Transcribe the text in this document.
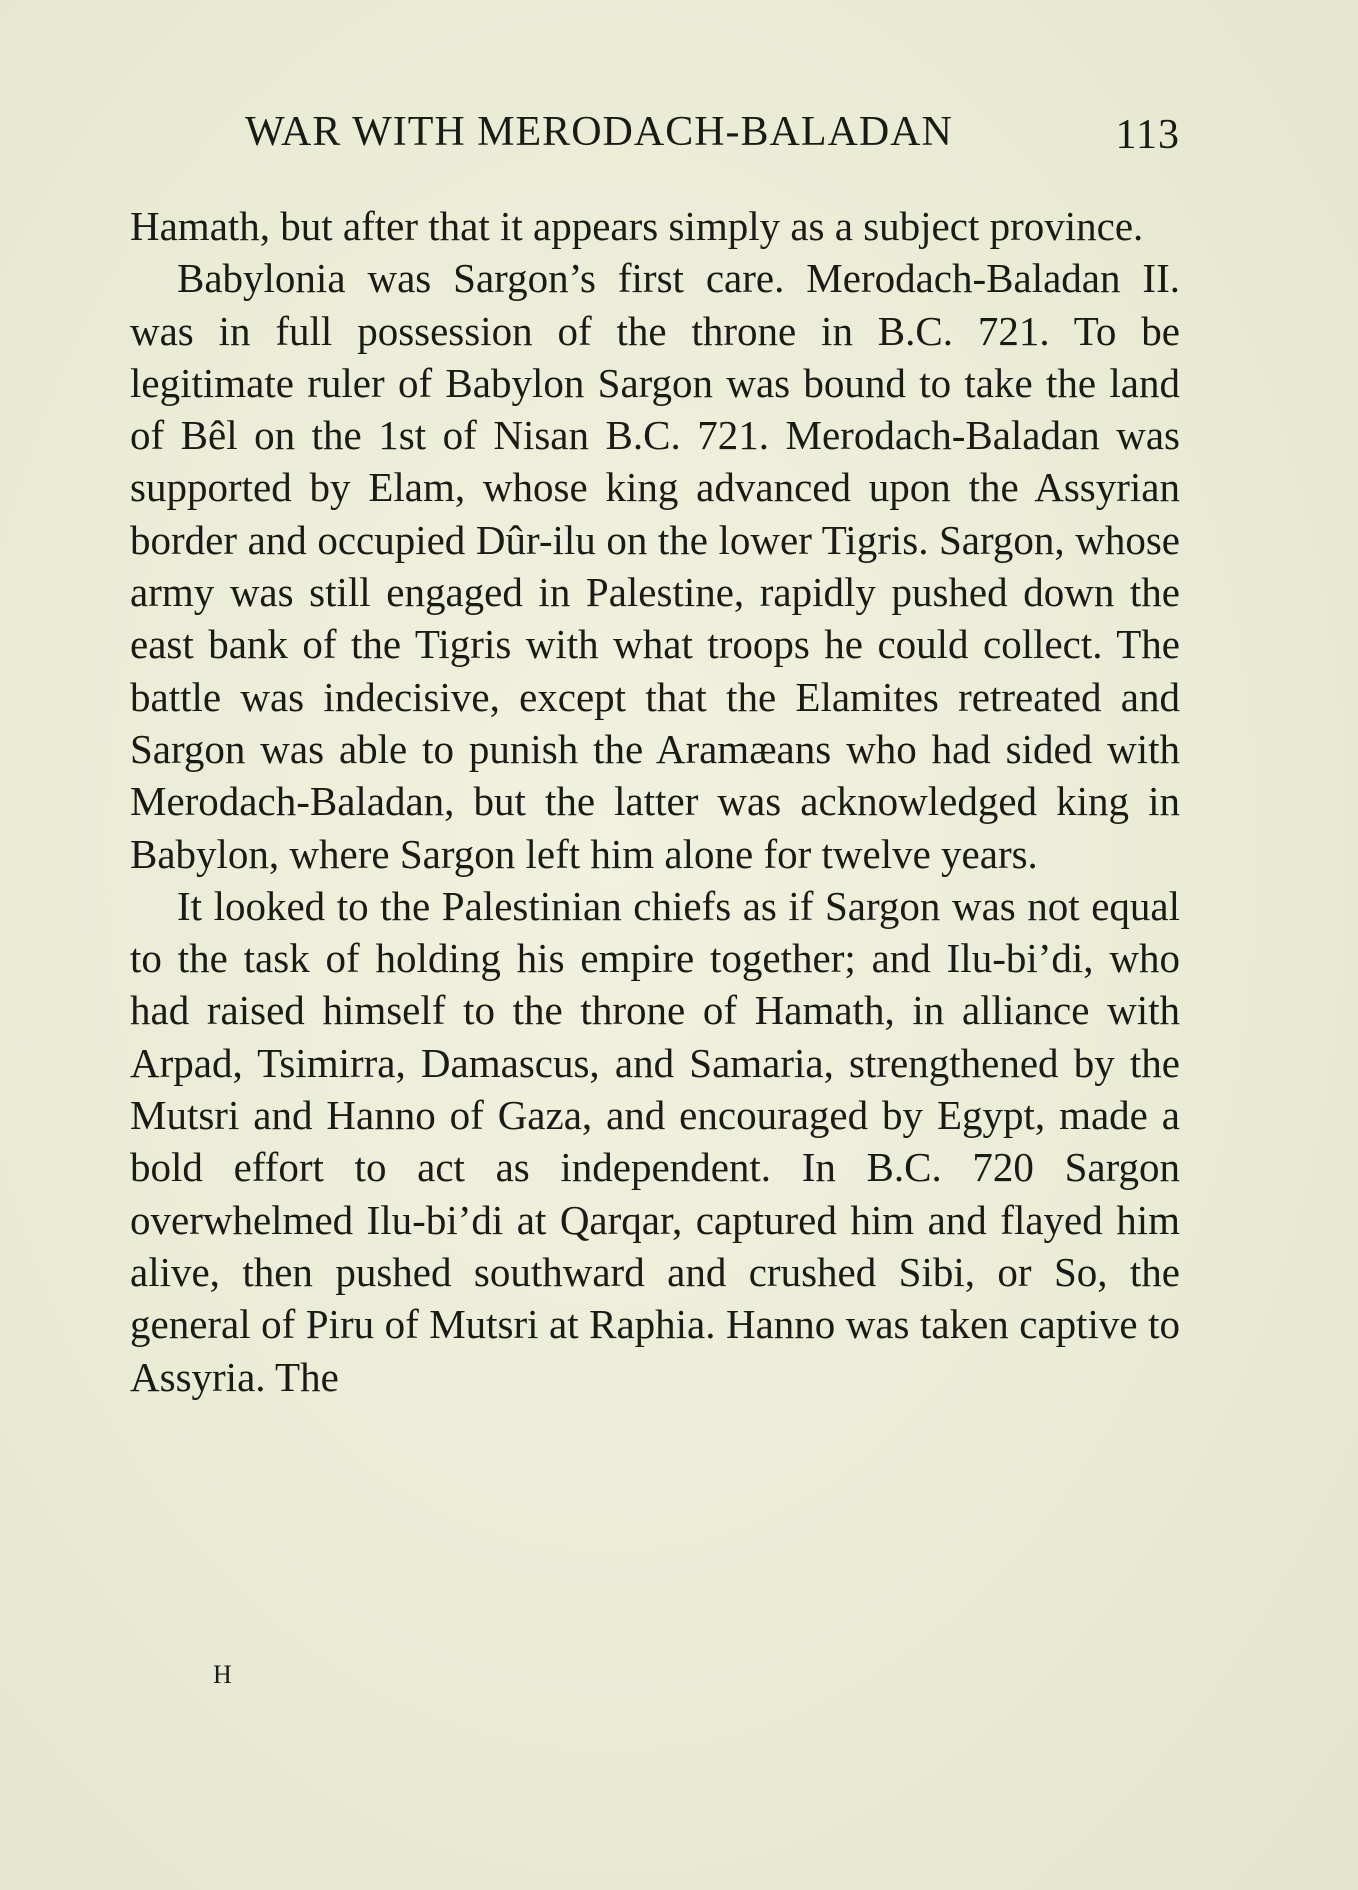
WAR WITH MERODACH-BALADAN	113

Hamath, but after that it appears simply as a subject province.

Babylonia was Sargon’s first care. Merodach-Baladan II. was in full possession of the throne in B.C. 721. To be legitimate ruler of Babylon Sargon was bound to take the land of Bêl on the 1st of Nisan B.C. 721. Merodach-Baladan was supported by Elam, whose king advanced upon the Assyrian border and occupied Dûr-ilu on the lower Tigris. Sargon, whose army was still engaged in Palestine, rapidly pushed down the east bank of the Tigris with what troops he could collect. The battle was indecisive, except that the Elamites retreated and Sargon was able to punish the Aramæans who had sided with Merodach-Baladan, but the latter was acknowledged king in Babylon, where Sargon left him alone for twelve years.

It looked to the Palestinian chiefs as if Sargon was not equal to the task of holding his empire together; and Ilu-bi’di, who had raised himself to the throne of Hamath, in alliance with Arpad, Tsimirra, Damascus, and Samaria, strengthened by the Mutsri and Hanno of Gaza, and encouraged by Egypt, made a bold effort to act as independent. In B.C. 720 Sargon overwhelmed Ilu-bi’di at Qarqar, captured him and flayed him alive, then pushed southward and crushed Sibi, or So, the general of Piru of Mutsri at Raphia. Hanno was taken captive to Assyria. The

H
